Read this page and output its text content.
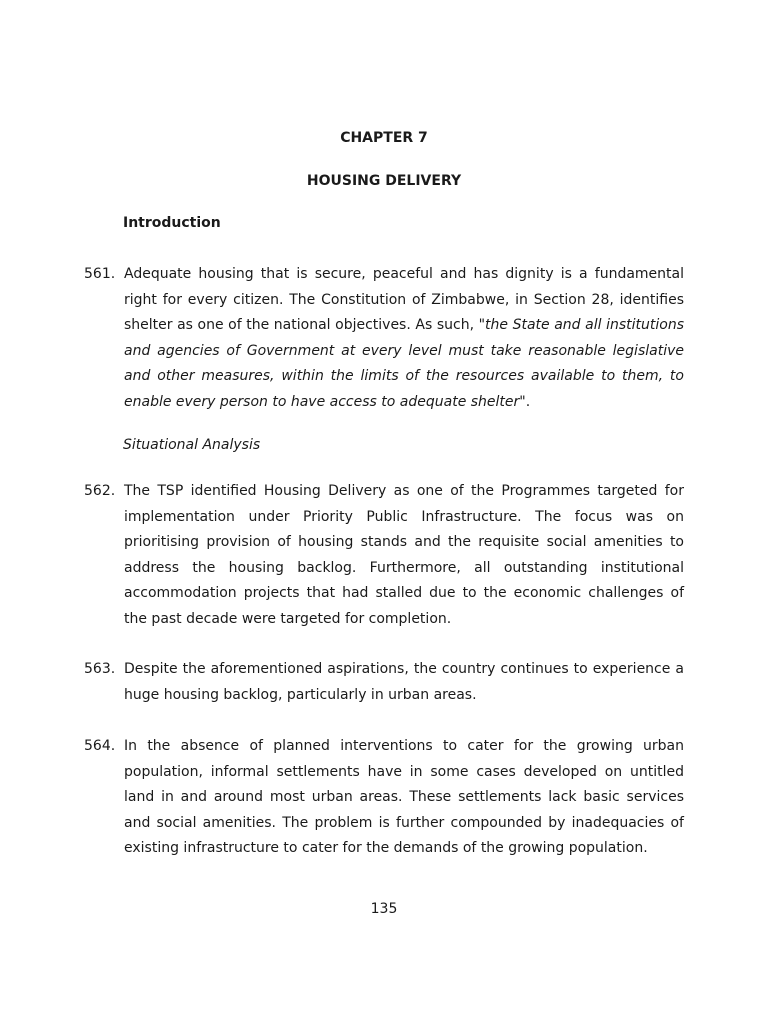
CHAPTER 7
HOUSING DELIVERY
Introduction
561. Adequate housing that is secure, peaceful and has dignity is a fundamental right for every citizen. The Constitution of Zimbabwe, in Section 28, identifies shelter as one of the national objectives. As such, "the State and all institutions and agencies of Government at every level must take reasonable legislative and other measures, within the limits of the resources available to them, to enable every person to have access to adequate shelter".
Situational Analysis
562. The TSP identified Housing Delivery as one of the Programmes targeted for implementation under Priority Public Infrastructure. The focus was on prioritising provision of housing stands and the requisite social amenities to address the housing backlog. Furthermore, all outstanding institutional accommodation projects that had stalled due to the economic challenges of the past decade were targeted for completion.
563. Despite the aforementioned aspirations, the country continues to experience a huge housing backlog, particularly in urban areas.
564. In the absence of planned interventions to cater for the growing urban population, informal settlements have in some cases developed on untitled land in and around most urban areas. These settlements lack basic services and social amenities. The problem is further compounded by inadequacies of existing infrastructure to cater for the demands of the growing population.
135
